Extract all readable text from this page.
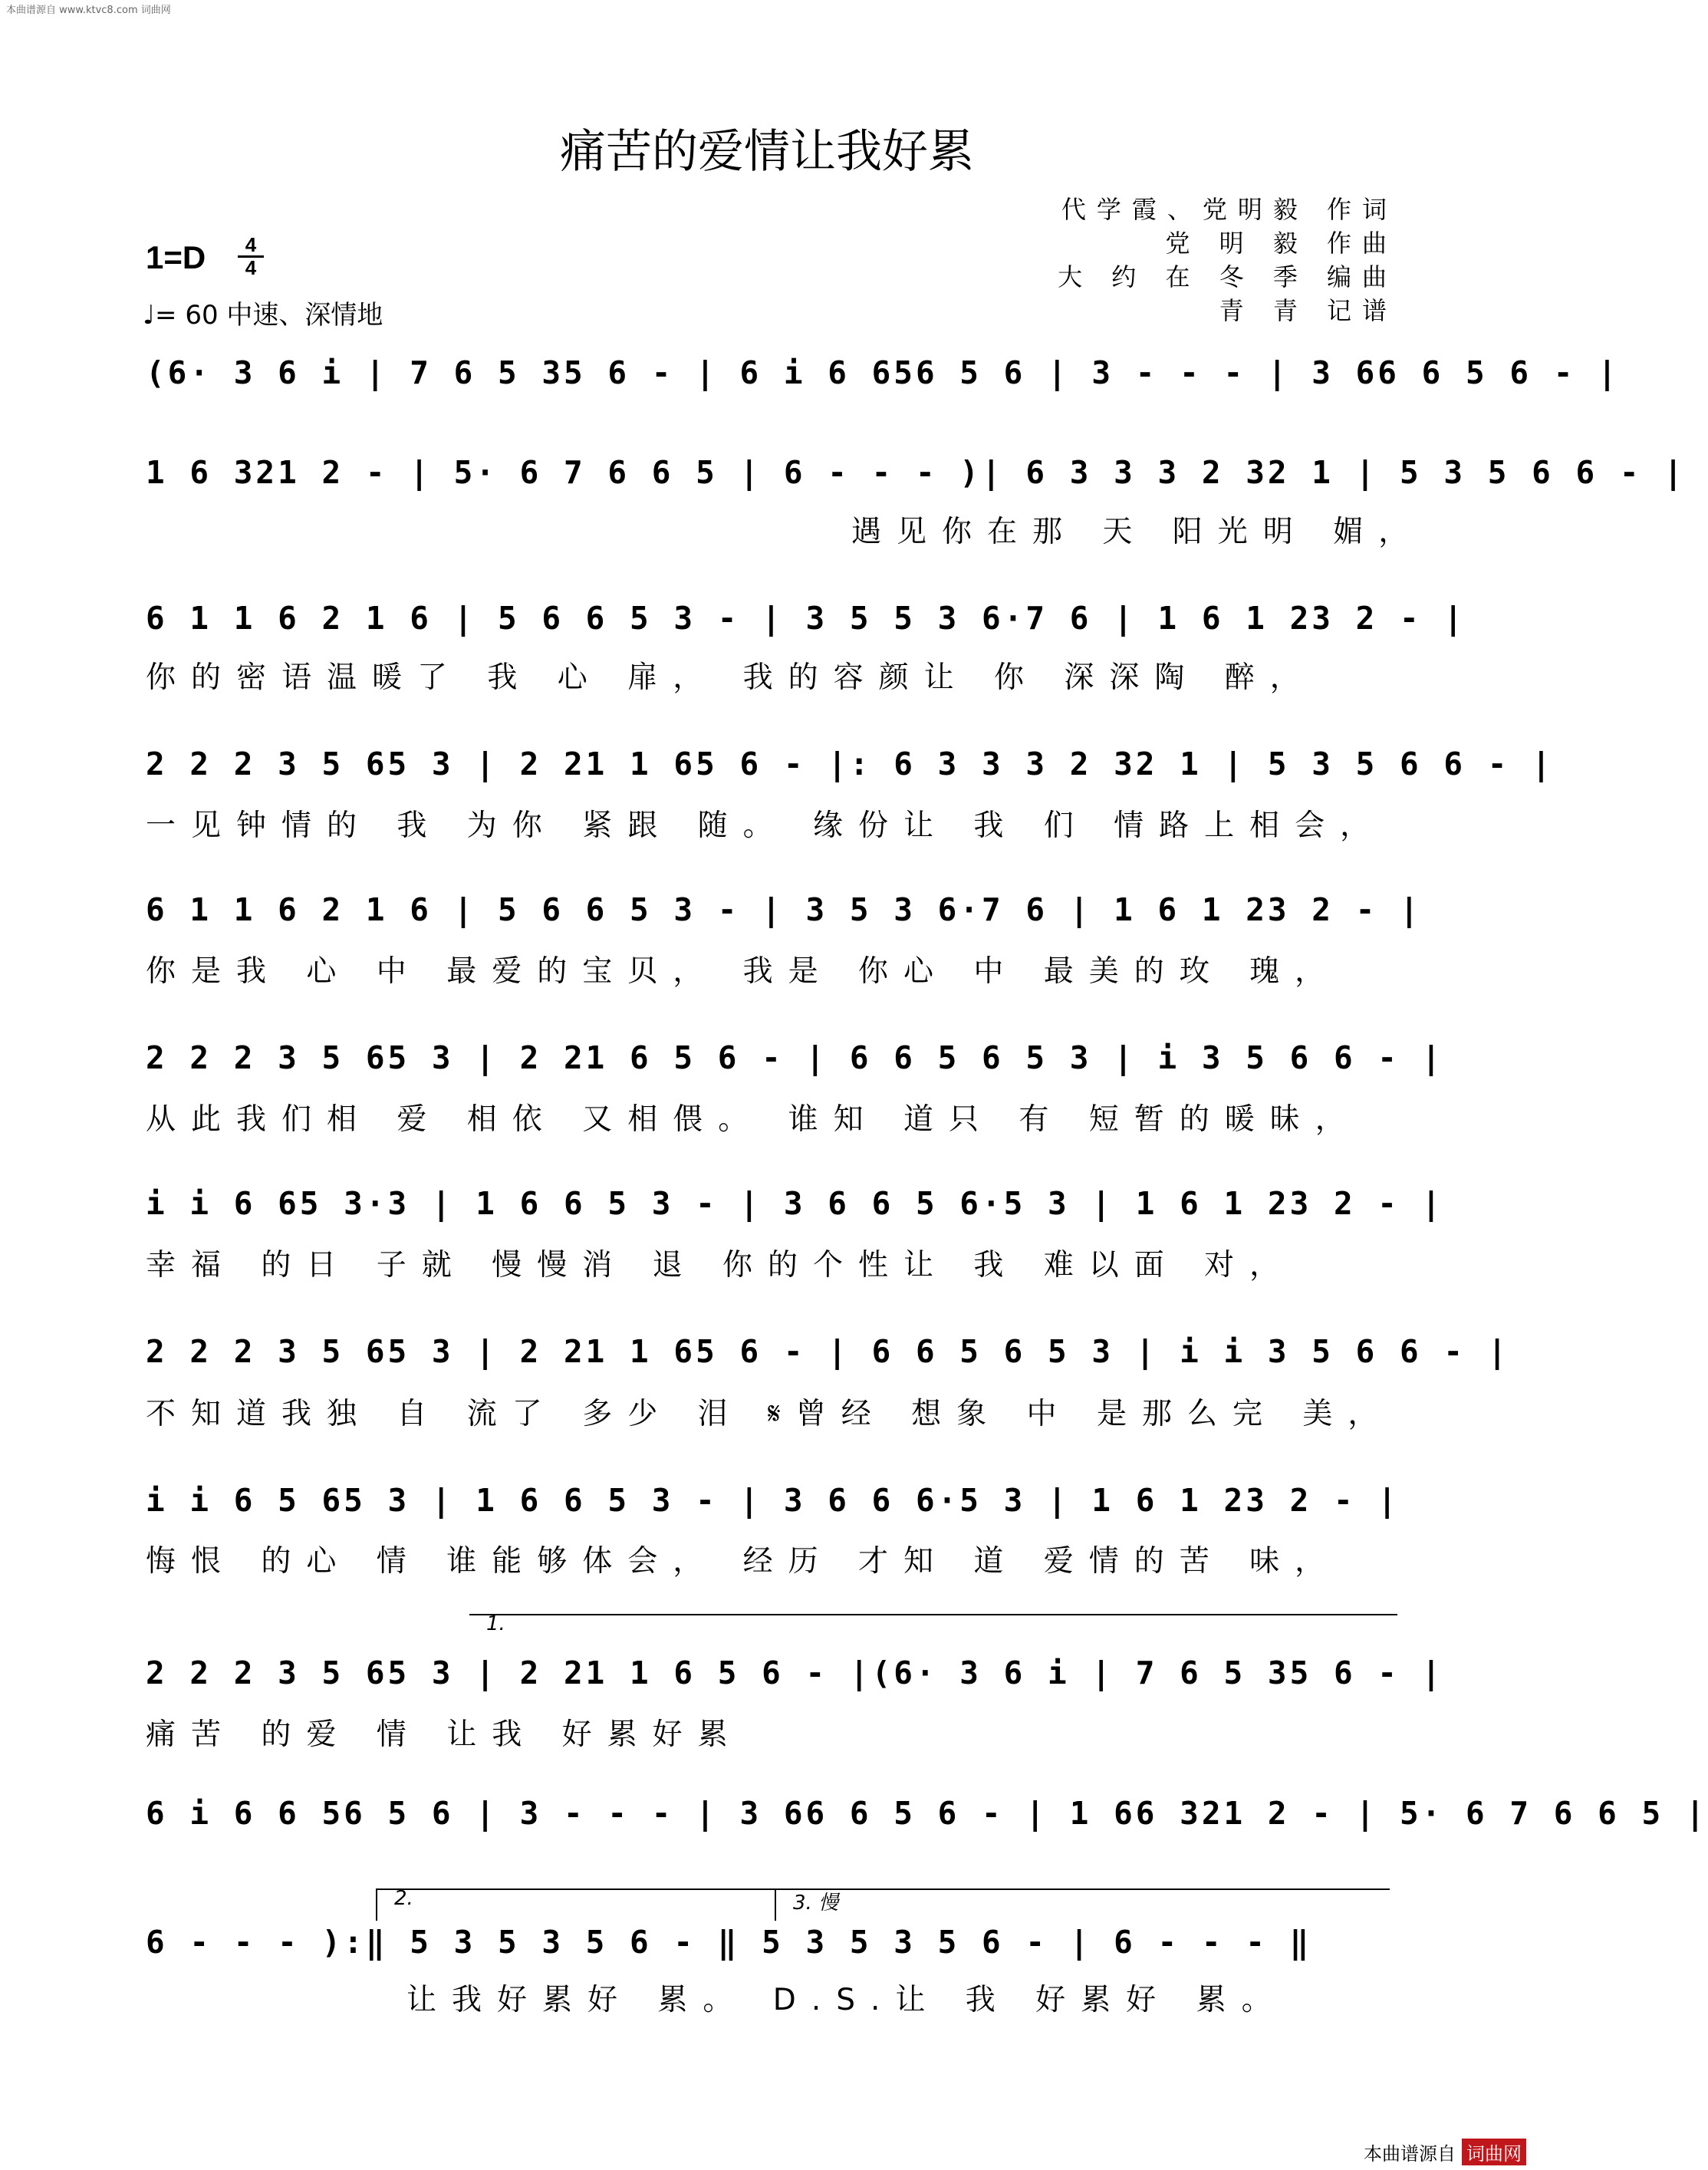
本曲谱源自 www.ktvc8.com 词曲网
痛苦的爱情让我好累
代学霞、党明毅 作词
党 明 毅 作曲
大 约 在 冬 季 编曲
青 青 记谱
1=D	4
4
♩= 60 中速、深情地
(6· 3 6 i | 7 6 5 35 6 - | 6 i 6 656 5 6 | 3 - - - | 3 66 6 5 6 - |
1 6 321 2 - | 5· 6 7 6 6 5 | 6 - - - )| 6 3 3 3 2 32 1 | 5 3 5 6 6 - |
遇见你在那 天 阳光明 媚，
6 1 1 6 2 1 6 | 5 6 6 5 3 - | 3 5 5 3 6·7 6 | 1 6 1 23 2 - |
你的密语温暖了 我 心 扉， 我的容颜让 你 深深陶 醉，
2 2 2 3 5 65 3 | 2 21 1 65 6 - |: 6 3 3 3 2 32 1 | 5 3 5 6 6 - |
一见钟情的 我 为你 紧跟 随。 缘份让 我 们 情路上相会，
6 1 1 6 2 1 6 | 5 6 6 5 3 - | 3 5 3 6·7 6 | 1 6 1 23 2 - |
你是我 心 中 最爱的宝贝， 我是 你心 中 最美的玫 瑰，
2 2 2 3 5 65 3 | 2 21 6 5 6 - | 6 6 5 6 5 3 | i 3 5 6 6 - |
从此我们相 爱 相依 又相偎。 谁知 道只 有 短暂的暖昧，
i i 6 65 3·3 | 1 6 6 5 3 - | 3 6 6 5 6·5 3 | 1 6 1 23 2 - |
幸福 的日 子就 慢慢消 退 你的个性让 我 难以面 对，
2 2 2 3 5 65 3 | 2 21 1 65 6 - | 6 6 5 6 5 3 | i i 3 5 6 6 - |
不知道我独 自 流了 多少 泪 𝄋曾经 想象 中 是那么完 美，
i i 6 5 65 3 | 1 6 6 5 3 - | 3 6 6 6·5 3 | 1 6 1 23 2 - |
悔恨 的心 情 谁能够体会， 经历 才知 道 爱情的苦 味，
1.
2 2 2 3 5 65 3 | 2 21 1 6 5 6 - |(6· 3 6 i | 7 6 5 35 6 - |
痛苦 的爱 情 让我 好累好累
6 i 6 6 56 5 6 | 3 - - - | 3 66 6 5 6 - | 1 66 321 2 - | 5· 6 7 6 6 5 |
2.	3. 慢
6 - - - ):‖ 5 3 5 3 5 6 - ‖ 5 3 5 3 5 6 - | 6 - - - ‖
让我好累好 累。 D.S.让 我 好累好 累。
本曲谱源自 词曲网
